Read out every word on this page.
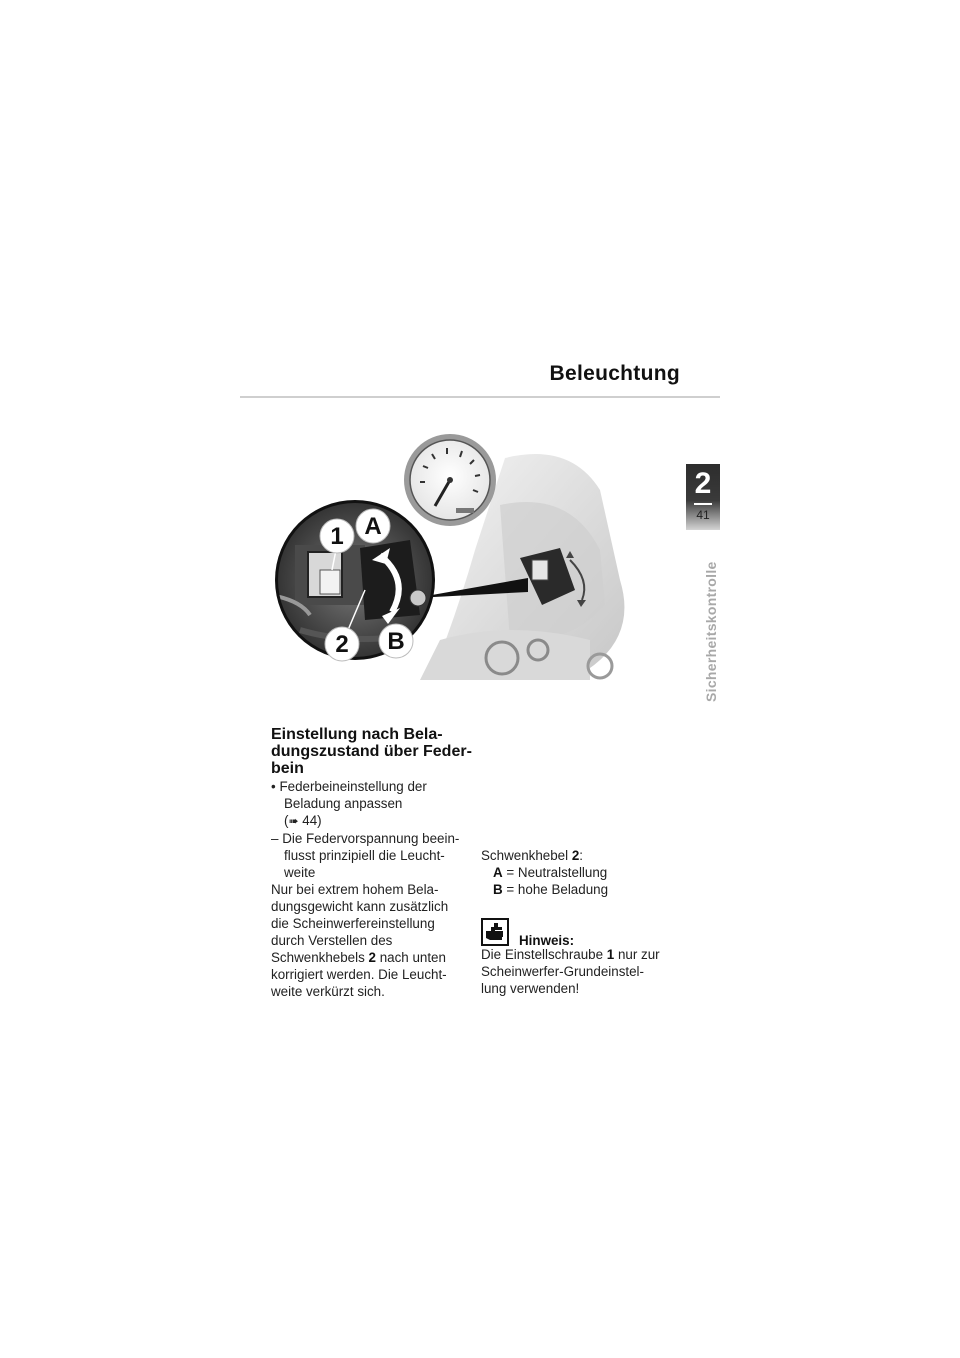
Beleuchtung
2
41
Sicherheitskontrolle
1 A
2 B
Einstellung nach Bela-
dungszustand über Feder-
bein
• Federbeineinstellung der
Beladung anpassen
(➠ 44)
– Die Federvorspannung beein-
flusst prinzipiell die Leucht-
weite
Nur bei extrem hohem Bela-
dungsgewicht kann zusätzlich
die Scheinwerfereinstellung
durch Verstellen des
Schwenkhebels 2 nach unten
korrigiert werden. Die Leucht-
weite verkürzt sich.
Schwenkhebel 2:
A = Neutralstellung
B = hohe Beladung
Hinweis:
Die Einstellschraube 1 nur zur
Scheinwerfer-Grundeinstel-
lung verwenden!
